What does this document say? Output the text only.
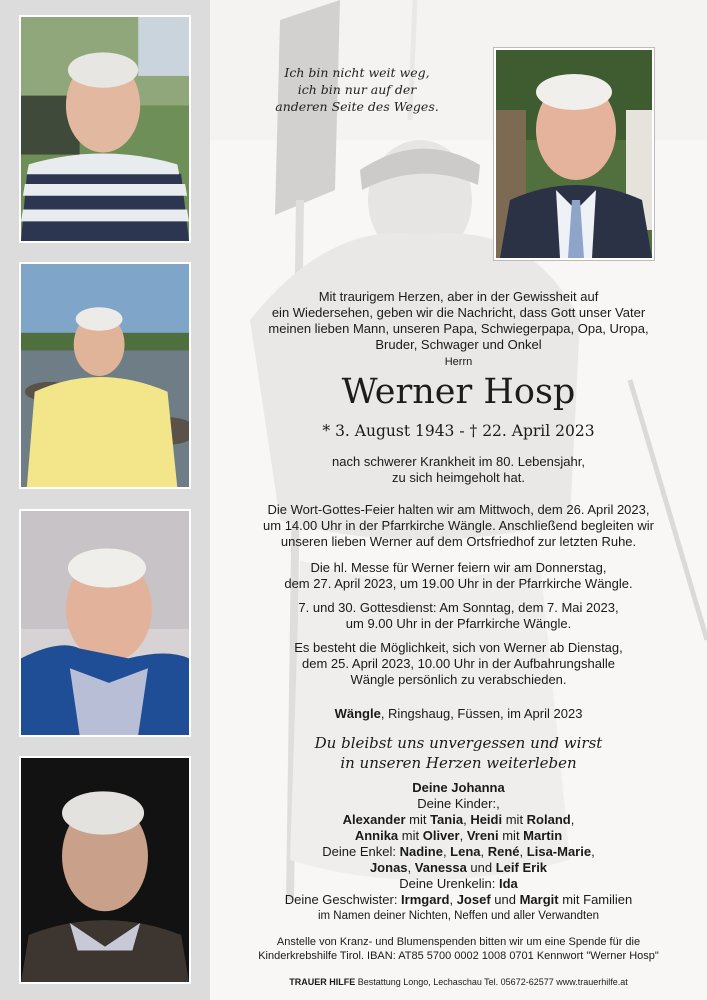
Ich bin nicht weit weg,
ich bin nur auf der
anderen Seite des Weges.
Mit traurigem Herzen, aber in der Gewissheit auf
ein Wiedersehen, geben wir die Nachricht, dass Gott unser Vater
meinen lieben Mann, unseren Papa, Schwiegerpapa, Opa, Uropa,
Bruder, Schwager und Onkel
Herrn
Werner Hosp
* 3. August 1943 - † 22. April 2023
nach schwerer Krankheit im 80. Lebensjahr,
zu sich heimgeholt hat.
Die Wort-Gottes-Feier halten wir am Mittwoch, dem 26. April 2023,
um 14.00 Uhr in der Pfarrkirche Wängle. Anschließend begleiten wir
unseren lieben Werner auf dem Ortsfriedhof zur letzten Ruhe.
Die hl. Messe für Werner feiern wir am Donnerstag,
dem 27. April 2023, um 19.00 Uhr in der Pfarrkirche Wängle.
7. und 30. Gottesdienst: Am Sonntag, dem 7. Mai 2023,
um 9.00 Uhr in der Pfarrkirche Wängle.
Es besteht die Möglichkeit, sich von Werner ab Dienstag,
dem 25. April 2023, 10.00 Uhr in der Aufbahrungshalle
Wängle persönlich zu verabschieden.
Wängle, Ringshaug, Füssen, im April 2023
Du bleibst uns unvergessen und wirst
in unseren Herzen weiterleben
Deine Johanna
Deine Kinder:,
Alexander mit Tania, Heidi mit Roland,
Annika mit Oliver, Vreni mit Martin
Deine Enkel: Nadine, Lena, René, Lisa-Marie,
Jonas, Vanessa und Leif Erik
Deine Urenkelin: Ida
Deine Geschwister: Irmgard, Josef und Margit mit Familien
im Namen deiner Nichten, Neffen und aller Verwandten
Anstelle von Kranz- und Blumenspenden bitten wir um eine Spende für die
Kinderkrebshilfe Tirol. IBAN: AT85 5700 0002 1008 0701 Kennwort "Werner Hosp"
TRAUER HILFE Bestattung Longo, Lechaschau Tel. 05672-62577 www.trauerhilfe.at
